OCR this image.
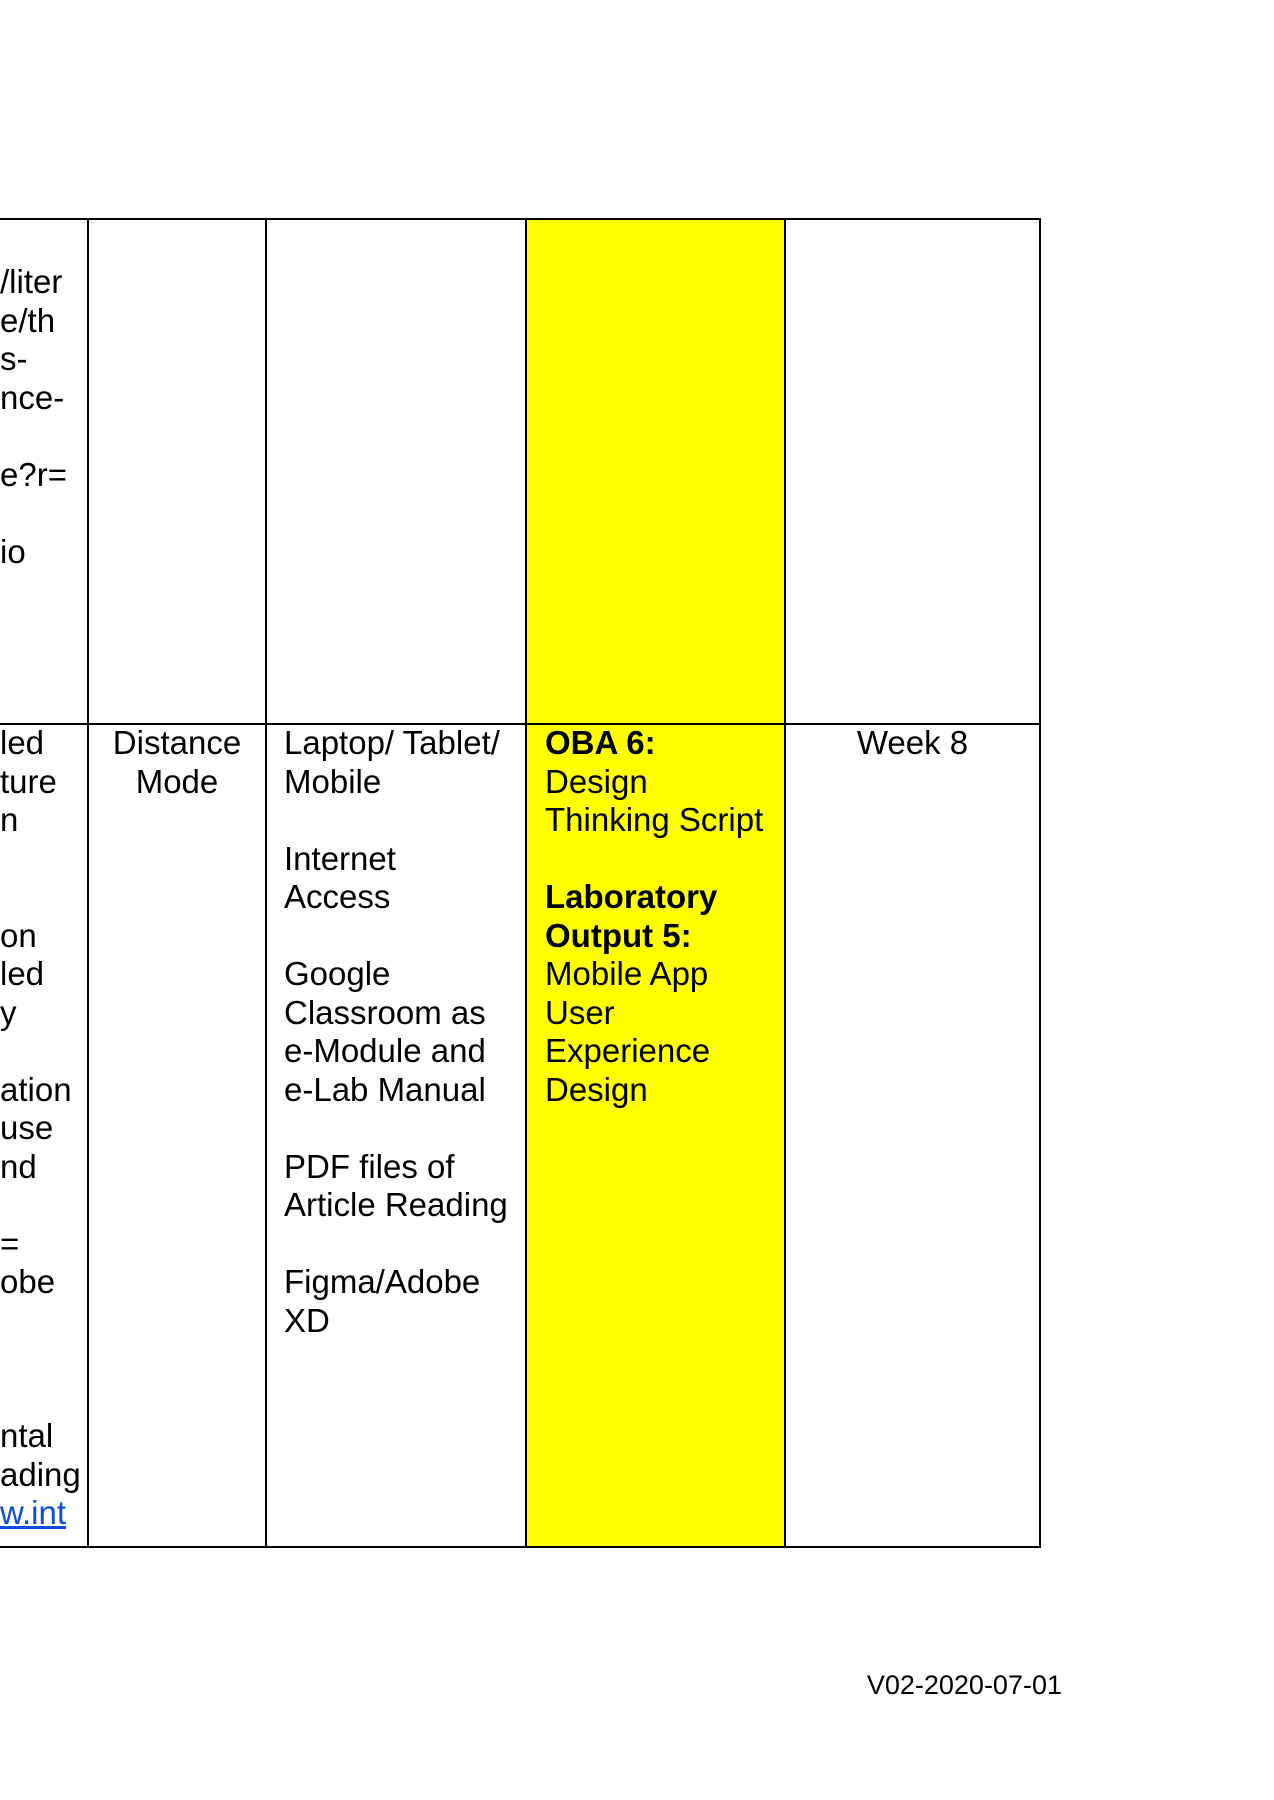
/liter
e/th
s-
nce-
e?r=
io
led
ture
n
on
led
y
ation
use
nd
=
obe
ntal
ading
w.int
Distance
Mode
Laptop/ Tablet/
Mobile
Internet
Access
Google
Classroom as
e-Module and
e-Lab Manual
PDF files of
Article Reading
Figma/Adobe
XD
OBA 6:
Design
Thinking Script
Laboratory
Output 5:
Mobile App
User
Experience
Design
Week 8
V02-2020-07-01
